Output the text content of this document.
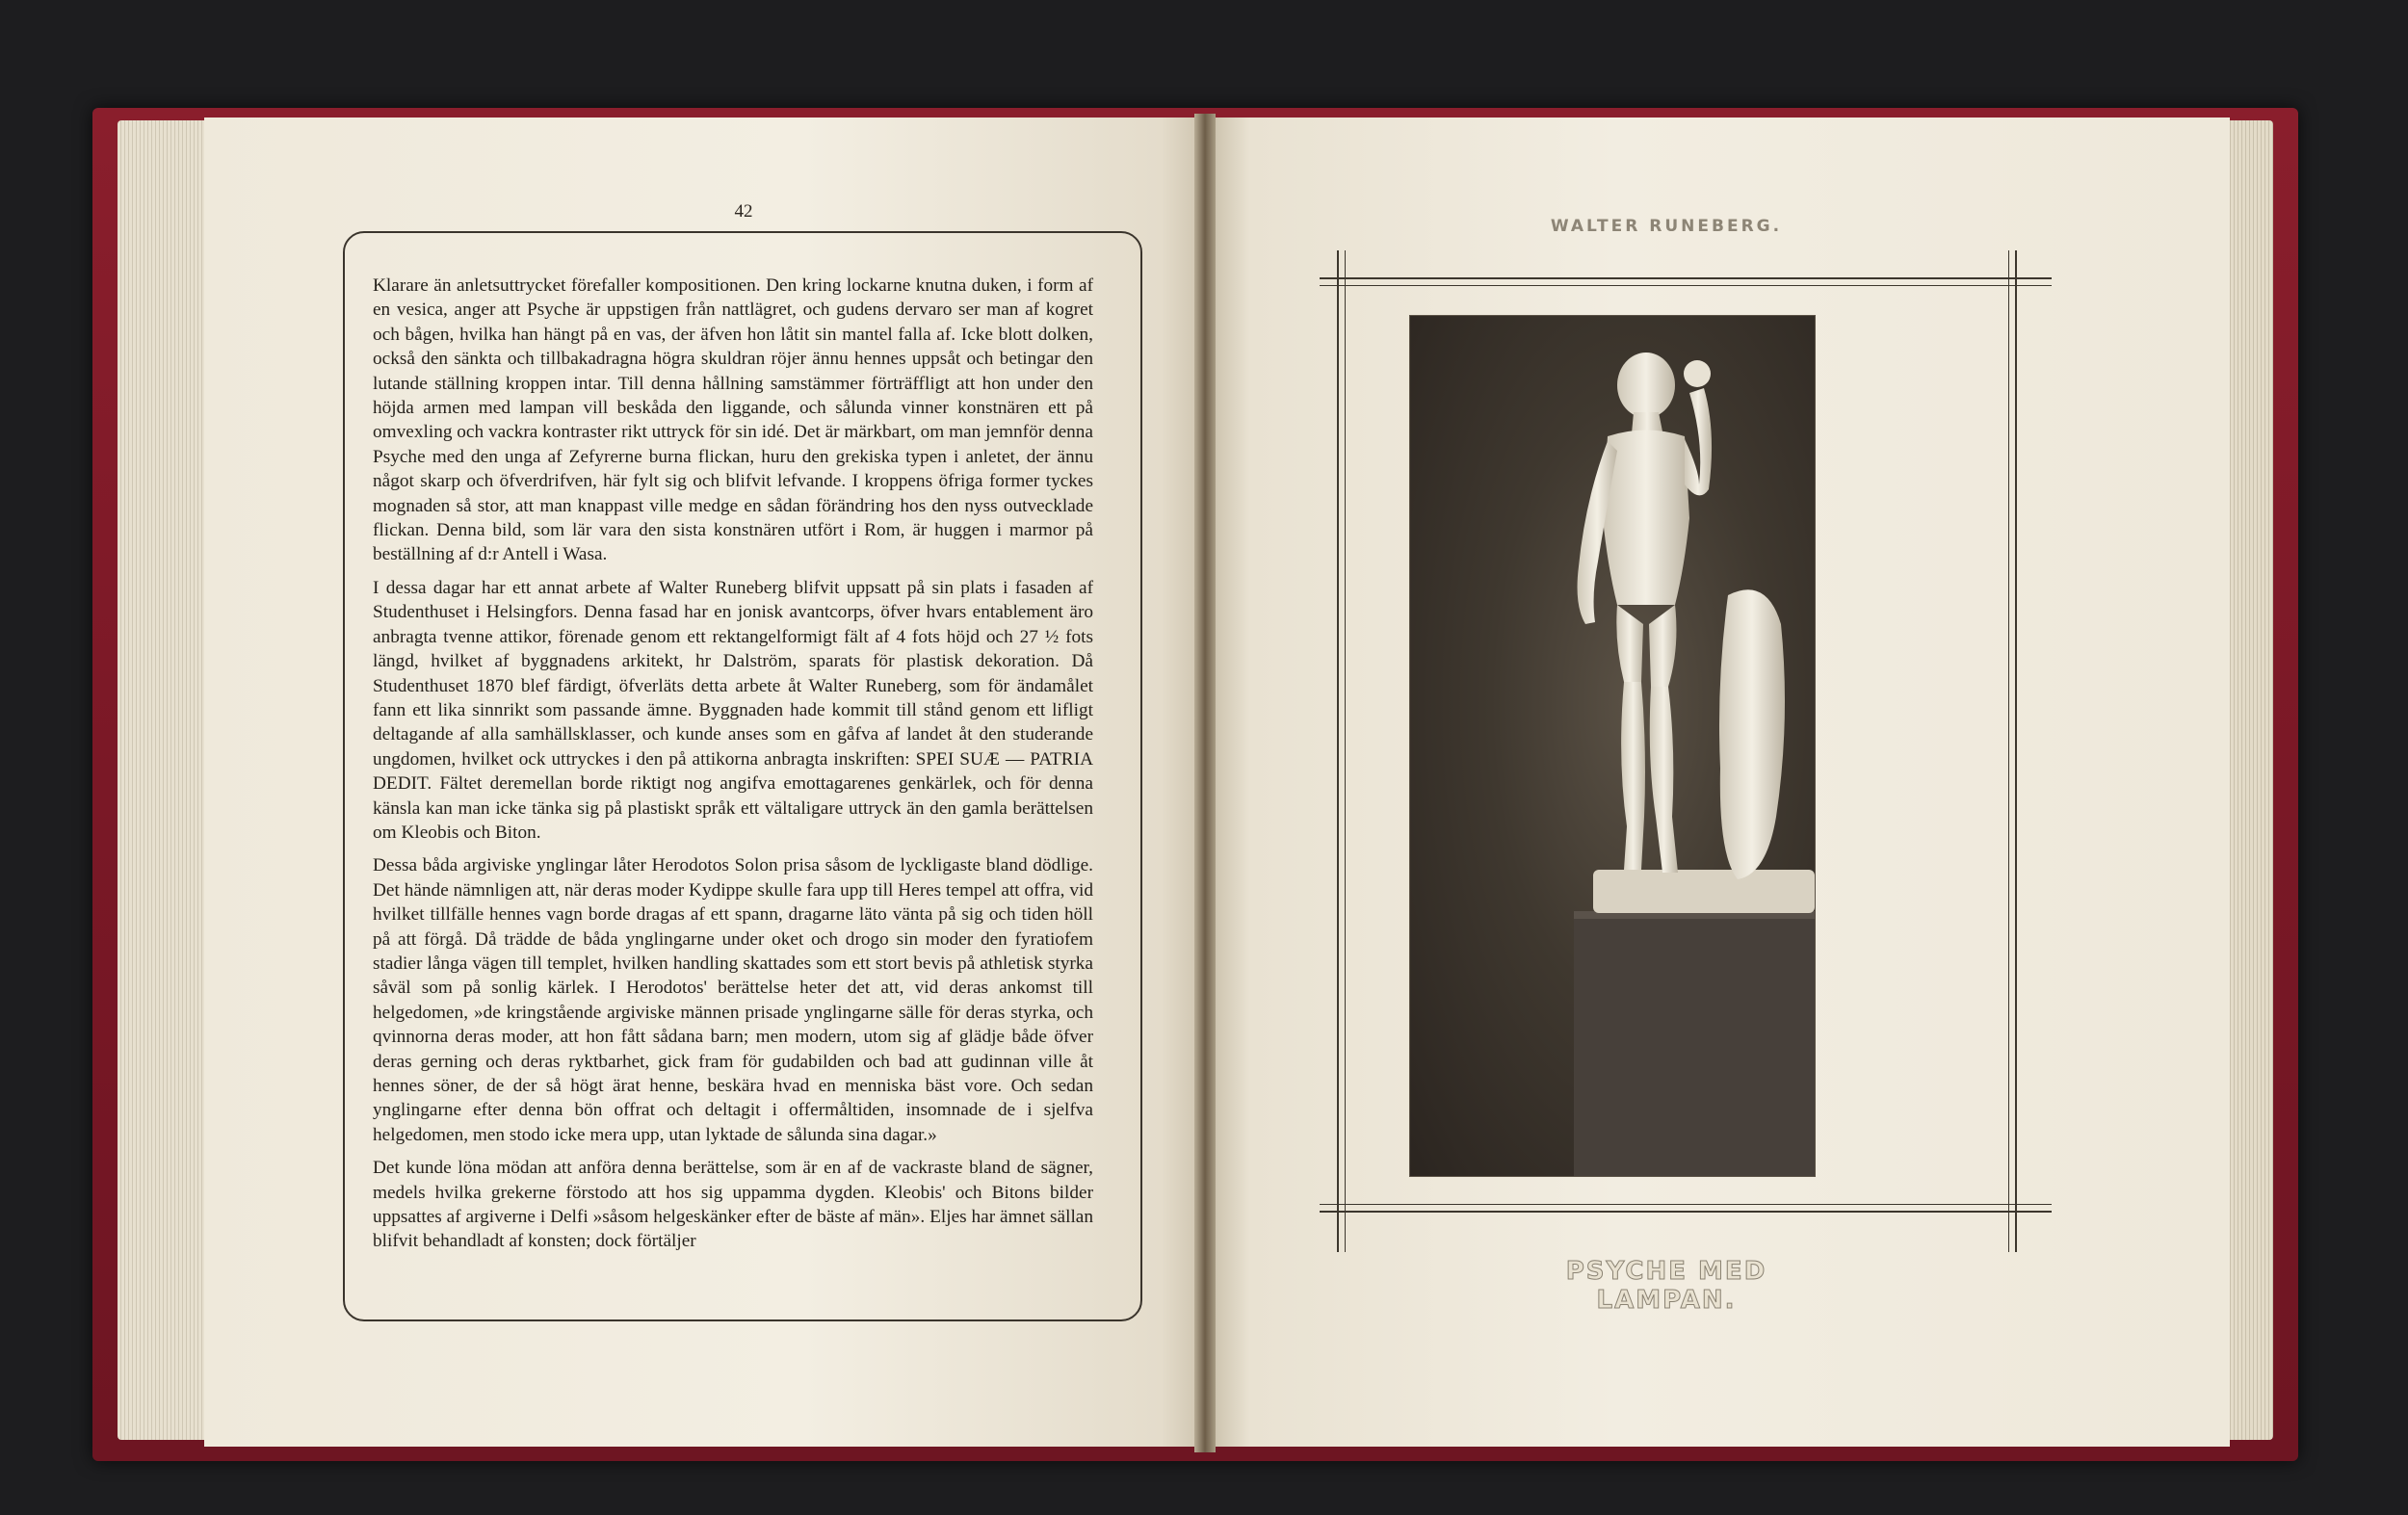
42

Klarare än anletsuttrycket förefaller kompositionen. Den kring lockarne knutna duken, i form af en vesica, anger att Psyche är uppstigen från nattlägret, och gudens dervaro ser man af kogret och bågen, hvilka han hängt på en vas, der äfven hon låtit sin mantel falla af. Icke blott dolken, också den sänkta och tillbakadragna högra skuldran röjer ännu hennes uppsåt och betingar den lutande ställning kroppen intar. Till denna hållning samstämmer förträffligt att hon under den höjda armen med lampan vill beskåda den liggande, och sålunda vinner konstnären ett på omvexling och vackra kontraster rikt uttryck för sin idé. Det är märkbart, om man jemnför denna Psyche med den unga af Zefyrerne burna flickan, huru den grekiska typen i anletet, der ännu något skarp och öfverdrifven, här fylt sig och blifvit lefvande. I kroppens öfriga former tyckes mognaden så stor, att man knappast ville medge en sådan förändring hos den nyss outvecklade flickan. Denna bild, som lär vara den sista konstnären utfört i Rom, är huggen i marmor på beställning af d:r Antell i Wasa.

I dessa dagar har ett annat arbete af Walter Runeberg blifvit uppsatt på sin plats i fasaden af Studenthuset i Helsingfors. Denna fasad har en jonisk avantcorps, öfver hvars entablement äro anbragta tvenne attikor, förenade genom ett rektangelformigt fält af 4 fots höjd och 27 ½ fots längd, hvilket af byggnadens arkitekt, hr Dalström, sparats för plastisk dekoration. Då Studenthuset 1870 blef färdigt, öfverläts detta arbete åt Walter Runeberg, som för ändamålet fann ett lika sinnrikt som passande ämne. Byggnaden hade kommit till stånd genom ett lifligt deltagande af alla samhällsklasser, och kunde anses som en gåfva af landet åt den studerande ungdomen, hvilket ock uttryckes i den på attikorna anbragta inskriften: SPEI SUÆ — PATRIA DEDIT. Fältet deremellan borde riktigt nog angifva emottagarenes genkärlek, och för denna känsla kan man icke tänka sig på plastiskt språk ett vältaligare uttryck än den gamla berättelsen om Kleobis och Biton.

Dessa båda argiviske ynglingar låter Herodotos Solon prisa såsom de lyckligaste bland dödlige. Det hände nämnligen att, när deras moder Kydippe skulle fara upp till Heres tempel att offra, vid hvilket tillfälle hennes vagn borde dragas af ett spann, dragarne läto vänta på sig och tiden höll på att förgå. Då trädde de båda ynglingarne under oket och drogo sin moder den fyratiofem stadier långa vägen till templet, hvilken handling skattades som ett stort bevis på athletisk styrka såväl som på sonlig kärlek. I Herodotos' berättelse heter det att, vid deras ankomst till helgedomen, »de kringstående argiviske männen prisade ynglingarne sälle för deras styrka, och qvinnorna deras moder, att hon fått sådana barn; men modern, utom sig af glädje både öfver deras gerning och deras ryktbarhet, gick fram för gudabilden och bad att gudinnan ville åt hennes söner, de der så högt ärat henne, beskära hvad en menniska bäst vore. Och sedan ynglingarne efter denna bön offrat och deltagit i offermåltiden, insomnade de i sjelfva helgedomen, men stodo icke mera upp, utan lyktade de sålunda sina dagar.»

Det kunde löna mödan att anföra denna berättelse, som är en af de vackraste bland de sägner, medels hvilka grekerne förstodo att hos sig uppamma dygden. Kleobis' och Bitons bilder uppsattes af argiverne i Delfi »såsom helgeskänker efter de bäste af män». Eljes har ämnet sällan blifvit behandladt af konsten; dock förtäljer

WALTER RUNEBERG.
PSYCHE MED LAMPAN.
